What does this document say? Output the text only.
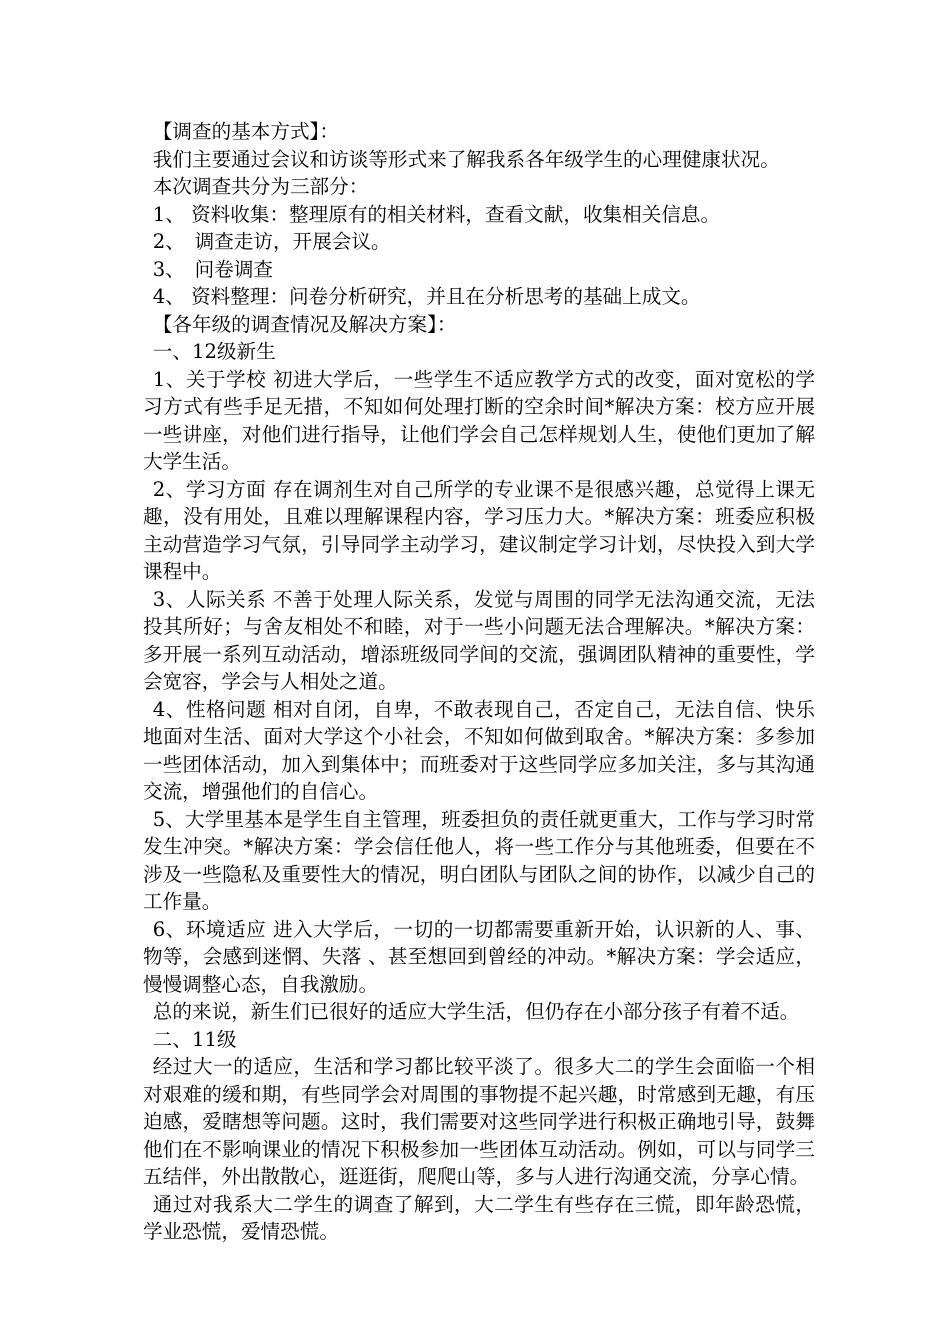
【调查的基本方式】：

我们主要通过会议和访谈等形式来了解我系各年级学生的心理健康状况。

本次调查共分为三部分：

1、 资料收集：整理原有的相关材料，查看文献，收集相关信息。

2、　调查走访，开展会议。

3、　问卷调查

4、 资料整理：问卷分析研究，并且在分析思考的基础上成文。

【各年级的调查情况及解决方案】：

一、12级新生

1、关于学校 初进大学后，一些学生不适应教学方式的改变，面对宽松的学习方式有些手足无措，不知如何处理打断的空余时间*解决方案：校方应开展一些讲座，对他们进行指导，让他们学会自己怎样规划人生，使他们更加了解大学生活。

2、学习方面 存在调剂生对自己所学的专业课不是很感兴趣，总觉得上课无趣，没有用处，且难以理解课程内容，学习压力大。*解决方案：班委应积极主动营造学习气氛，引导同学主动学习，建议制定学习计划，尽快投入到大学课程中。

3、人际关系 不善于处理人际关系，发觉与周围的同学无法沟通交流，无法投其所好；与舍友相处不和睦，对于一些小问题无法合理解决。*解决方案：多开展一系列互动活动，增添班级同学间的交流，强调团队精神的重要性，学会宽容，学会与人相处之道。

4、性格问题 相对自闭，自卑，不敢表现自己，否定自己，无法自信、快乐地面对生活、面对大学这个小社会，不知如何做到取舍。*解决方案：多参加一些团体活动，加入到集体中；而班委对于这些同学应多加关注，多与其沟通交流，增强他们的自信心。

5、大学里基本是学生自主管理，班委担负的责任就更重大，工作与学习时常发生冲突。*解决方案：学会信任他人，将一些工作分与其他班委，但要在不涉及一些隐私及重要性大的情况，明白团队与团队之间的协作，以减少自己的工作量。

6、环境适应 进入大学后，一切的一切都需要重新开始，认识新的人、事、物等，会感到迷惘、失落 、甚至想回到曾经的冲动。*解决方案：学会适应，慢慢调整心态，自我激励。

总的来说，新生们已很好的适应大学生活，但仍存在小部分孩子有着不适。

二、11级

经过大一的适应，生活和学习都比较平淡了。很多大二的学生会面临一个相对艰难的缓和期，有些同学会对周围的事物提不起兴趣，时常感到无趣，有压迫感，爱瞎想等问题。这时，我们需要对这些同学进行积极正确地引导，鼓舞他们在不影响课业的情况下积极参加一些团体互动活动。例如，可以与同学三五结伴，外出散散心，逛逛街，爬爬山等，多与人进行沟通交流，分享心情。

通过对我系大二学生的调查了解到，大二学生有些存在三慌，即年龄恐慌，学业恐慌，爱情恐慌。
